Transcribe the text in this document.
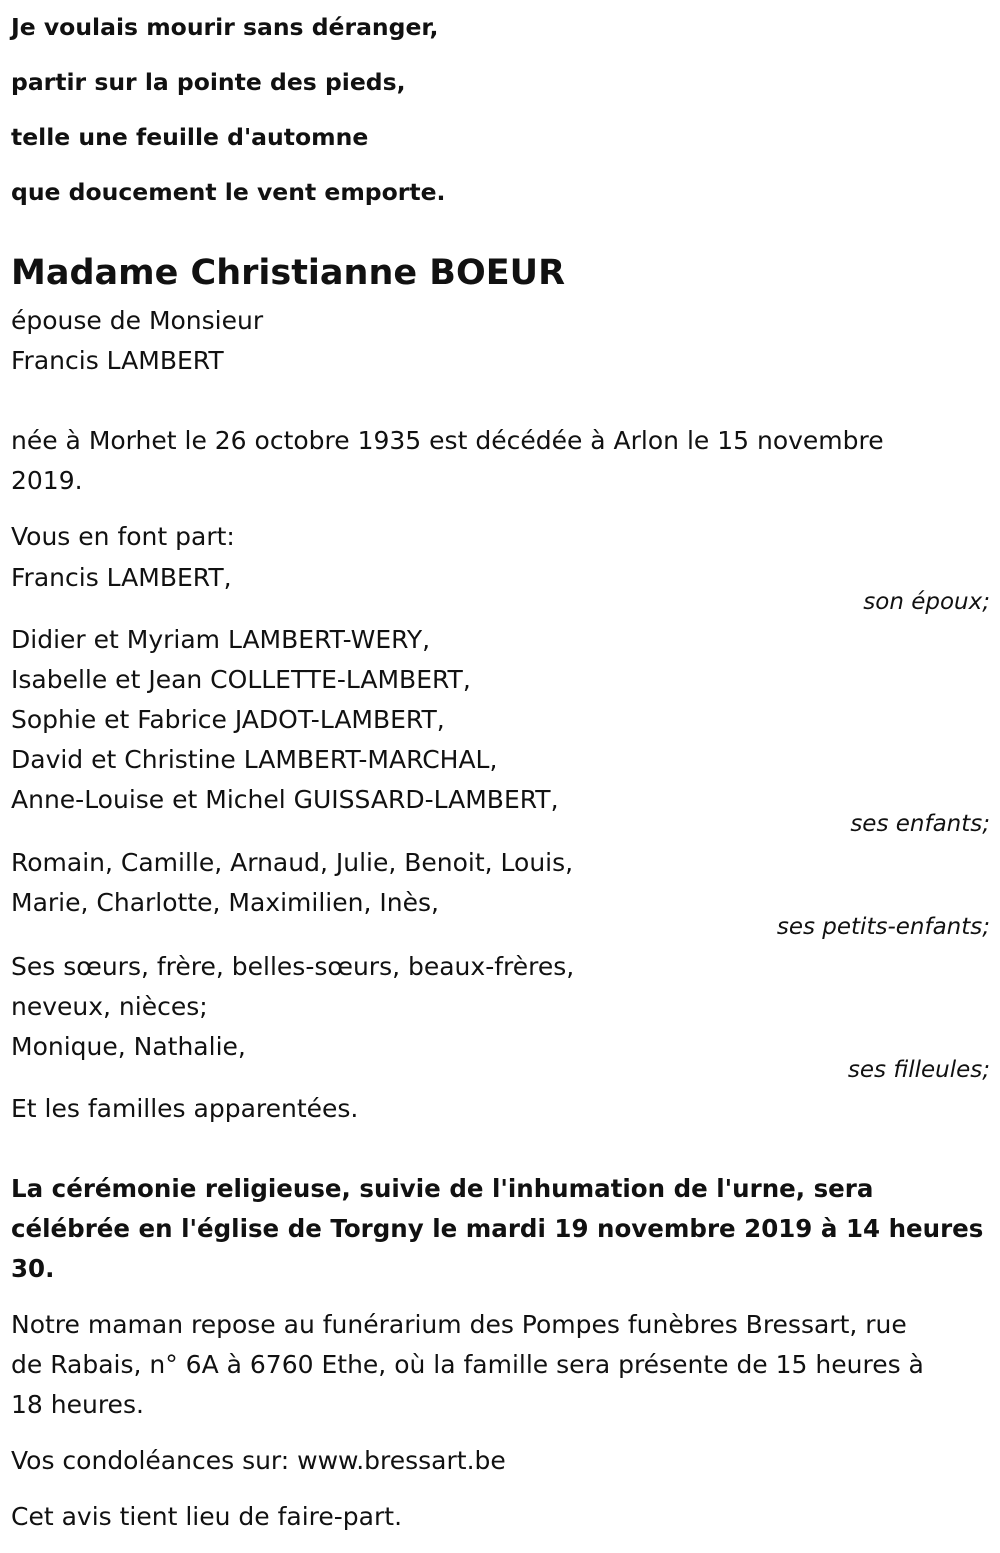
Je voulais mourir sans déranger,
partir sur la pointe des pieds,
telle une feuille d'automne
que doucement le vent emporte.
Madame Christianne BOEUR
épouse de Monsieur
Francis LAMBERT
née à Morhet le 26 octobre 1935 est décédée à Arlon le 15 novembre
2019.
Vous en font part:
Francis LAMBERT,
son époux;
Didier et Myriam LAMBERT-WERY,
Isabelle et Jean COLLETTE-LAMBERT,
Sophie et Fabrice JADOT-LAMBERT,
David et Christine LAMBERT-MARCHAL,
Anne-Louise et Michel GUISSARD-LAMBERT,
ses enfants;
Romain, Camille, Arnaud, Julie, Benoit, Louis,
Marie, Charlotte, Maximilien, Inès,
ses petits-enfants;
Ses sœurs, frère, belles-sœurs, beaux-frères,
neveux, nièces;
Monique, Nathalie,
ses filleules;
Et les familles apparentées.
La cérémonie religieuse, suivie de l'inhumation de l'urne, sera
célébrée en l'église de Torgny le mardi 19 novembre 2019 à 14 heures
30.
Notre maman repose au funérarium des Pompes funèbres Bressart, rue
de Rabais, n° 6A à 6760 Ethe, où la famille sera présente de 15 heures à
18 heures.
Vos condoléances sur: www.bressart.be
Cet avis tient lieu de faire-part.
